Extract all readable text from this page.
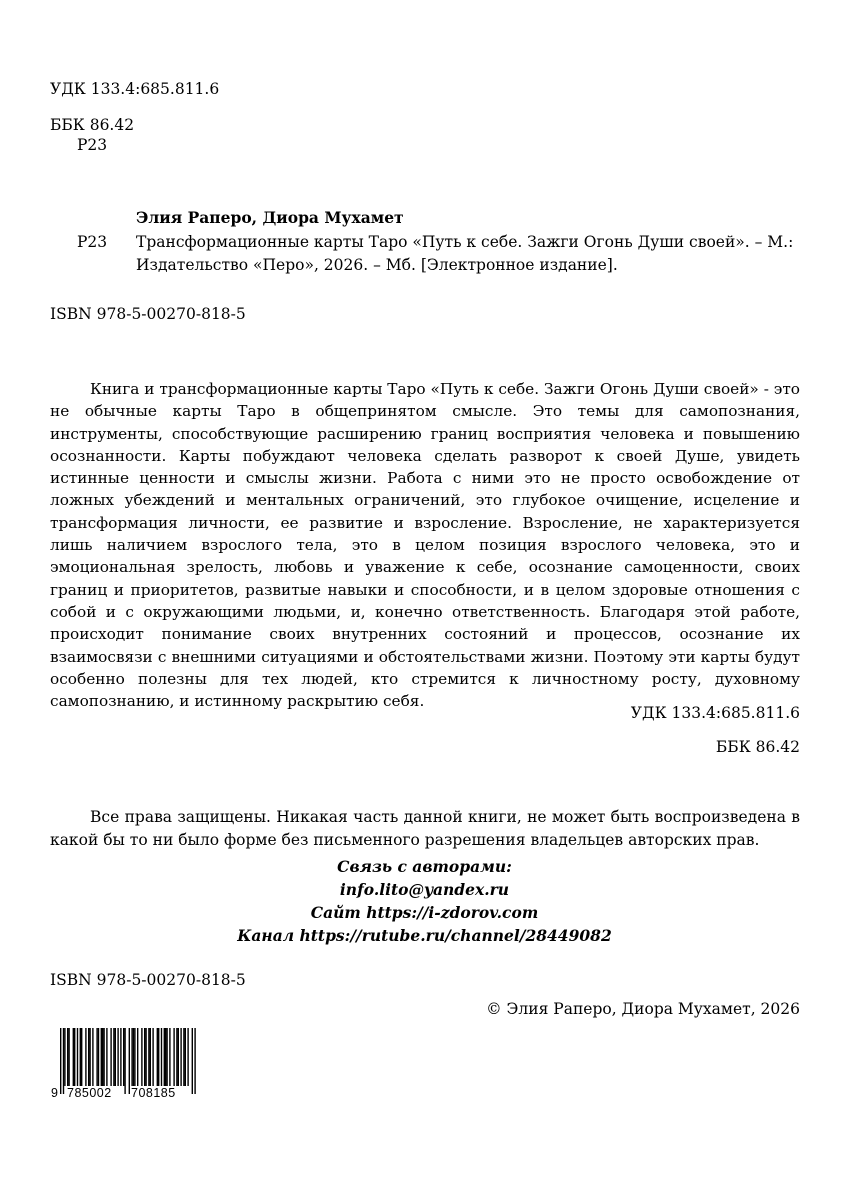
УДК 133.4:685.811.6
ББК 86.42
Р23
Элия Раперо, Диора Мухамет
Р23 Трансформационные карты Таро «Путь к себе. Зажги Огонь Души своей». – М.:
Издательство «Перо», 2026. – Мб. [Электронное издание].
ISBN 978-5-00270-818-5
Книга и трансформационные карты Таро «Путь к себе. Зажги Огонь Души своей» - это не обычные карты Таро в общепринятом смысле. Это темы для самопознания, инструменты, способствующие расширению границ восприятия человека и повышению осознанности. Карты побуждают человека сделать разворот к своей Душе, увидеть истинные ценности и смыслы жизни. Работа с ними это не просто освобождение от ложных убеждений и ментальных ограничений, это глубокое очищение, исцеление и трансформация личности, ее развитие и взросление. Взросление, не характеризуется лишь наличием взрослого тела, это в целом позиция взрослого человека, это и эмоциональная зрелость, любовь и уважение к себе, осознание самоценности, своих границ и приоритетов, развитые навыки и способности, и в целом здоровые отношения с собой и с окружающими людьми, и, конечно ответственность. Благодаря этой работе, происходит понимание своих внутренних состояний и процессов, осознание их взаимосвязи с внешними ситуациями и обстоятельствами жизни. Поэтому эти карты будут особенно полезны для тех людей, кто стремится к личностному росту, духовному самопознанию, и истинному раскрытию себя.
УДК 133.4:685.811.6
ББК 86.42
Все права защищены. Никакая часть данной книги, не может быть воспроизведена в какой бы то ни было форме без письменного разрешения владельцев авторских прав.
Связь с авторами:
info.lito@yandex.ru
Сайт https://i-zdorov.com
Канал https://rutube.ru/channel/28449082
ISBN 978-5-00270-818-5
© Элия Раперо, Диора Мухамет, 2026
9 785002 708185
